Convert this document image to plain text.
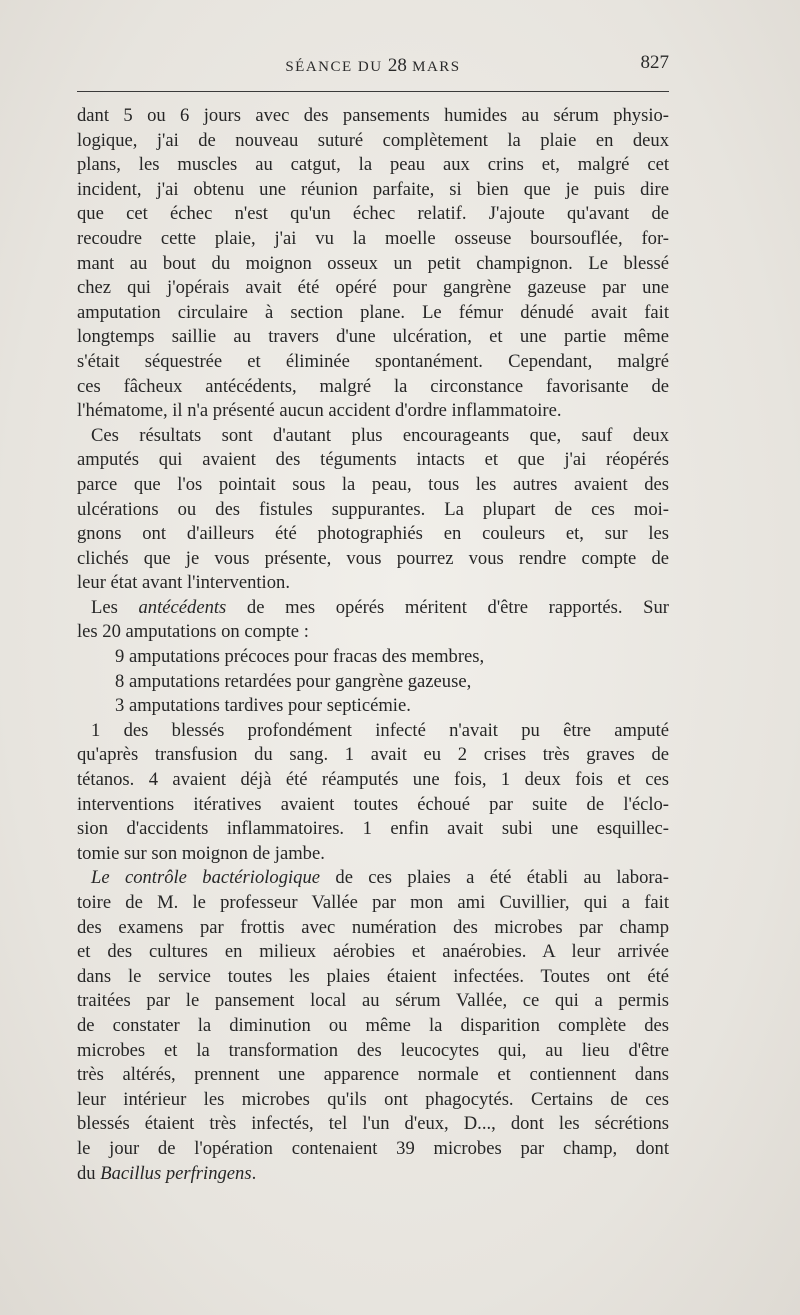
SÉANCE DU 28 MARS	827

dant 5 ou 6 jours avec des pansements humides au sérum physio-

logique, j'ai de nouveau suturé complètement la plaie en deux

plans, les muscles au catgut, la peau aux crins et, malgré cet

incident, j'ai obtenu une réunion parfaite, si bien que je puis dire

que cet échec n'est qu'un échec relatif. J'ajoute qu'avant de

recoudre cette plaie, j'ai vu la moelle osseuse boursouflée, for-

mant au bout du moignon osseux un petit champignon. Le blessé

chez qui j'opérais avait été opéré pour gangrène gazeuse par une

amputation circulaire à section plane. Le fémur dénudé avait fait

longtemps saillie au travers d'une ulcération, et une partie même

s'était séquestrée et éliminée spontanément. Cependant, malgré

ces fâcheux antécédents, malgré la circonstance favorisante de

l'hématome, il n'a présenté aucun accident d'ordre inflammatoire.

Ces résultats sont d'autant plus encourageants que, sauf deux

amputés qui avaient des téguments intacts et que j'ai réopérés

parce que l'os pointait sous la peau, tous les autres avaient des

ulcérations ou des fistules suppurantes. La plupart de ces moi-

gnons ont d'ailleurs été photographiés en couleurs et, sur les

clichés que je vous présente, vous pourrez vous rendre compte de

leur état avant l'intervention.

Les antécédents de mes opérés méritent d'être rapportés. Sur

les 20 amputations on compte :

9 amputations précoces pour fracas des membres,

8 amputations retardées pour gangrène gazeuse,

3 amputations tardives pour septicémie.

1 des blessés profondément infecté n'avait pu être amputé

qu'après transfusion du sang. 1 avait eu 2 crises très graves de

tétanos. 4 avaient déjà été réamputés une fois, 1 deux fois et ces

interventions itératives avaient toutes échoué par suite de l'éclo-

sion d'accidents inflammatoires. 1 enfin avait subi une esquillec-

tomie sur son moignon de jambe.

Le contrôle bactériologique de ces plaies a été établi au labora-

toire de M. le professeur Vallée par mon ami Cuvillier, qui a fait

des examens par frottis avec numération des microbes par champ

et des cultures en milieux aérobies et anaérobies. A leur arrivée

dans le service toutes les plaies étaient infectées. Toutes ont été

traitées par le pansement local au sérum Vallée, ce qui a permis

de constater la diminution ou même la disparition complète des

microbes et la transformation des leucocytes qui, au lieu d'être

très altérés, prennent une apparence normale et contiennent dans

leur intérieur les microbes qu'ils ont phagocytés. Certains de ces

blessés étaient très infectés, tel l'un d'eux, D..., dont les sécrétions

le jour de l'opération contenaient 39 microbes par champ, dont

du Bacillus perfringens.
